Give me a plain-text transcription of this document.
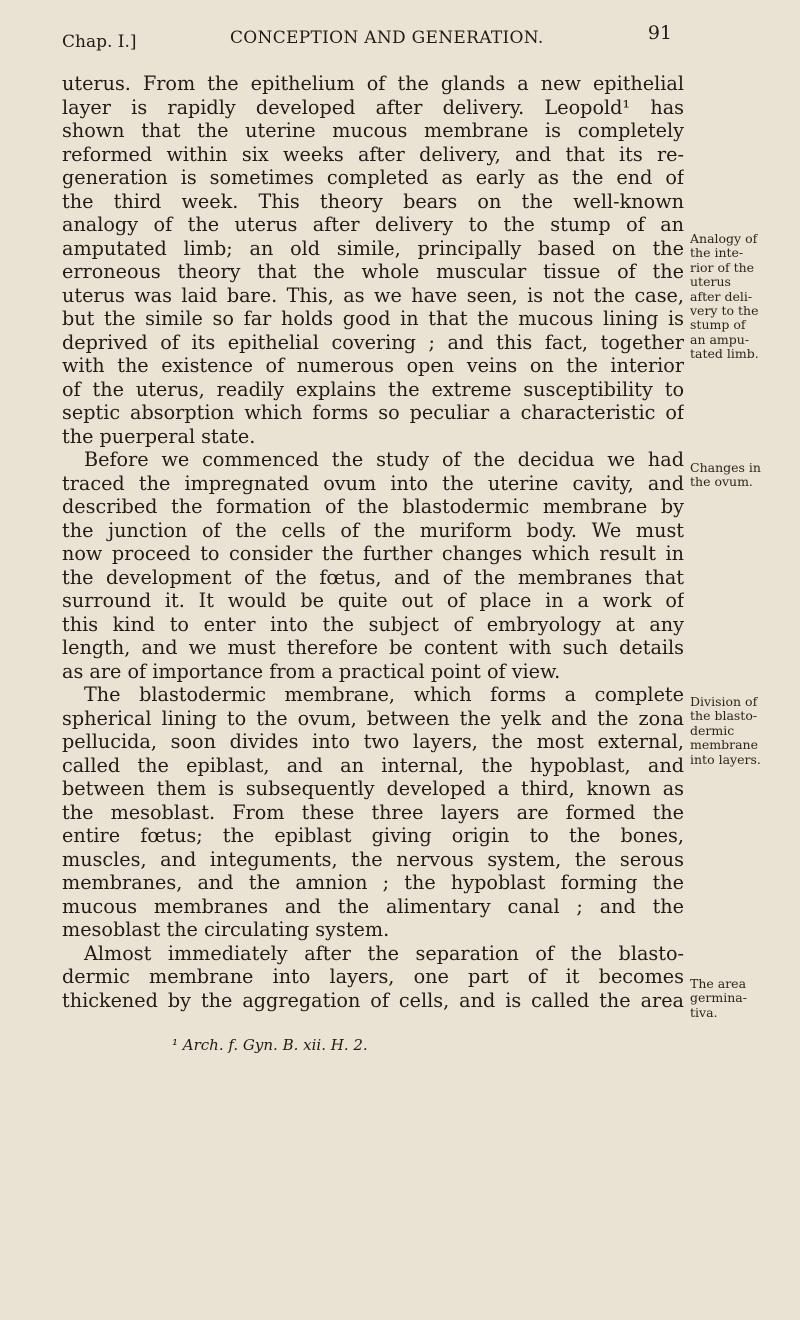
Chap. I.]	CONCEPTION AND GENERATION.	91
uterus. From the epithelium of the glands a new epithelial
layer is rapidly developed after delivery. Leopold¹ has
shown that the uterine mucous membrane is completely
reformed within six weeks after delivery, and that its re-
generation is sometimes completed as early as the end of
the third week. This theory bears on the well-known
analogy of the uterus after delivery to the stump of an
amputated limb; an old simile, principally based on the
erroneous theory that the whole muscular tissue of the
uterus was laid bare. This, as we have seen, is not the case,
but the simile so far holds good in that the mucous lining is
deprived of its epithelial covering ; and this fact, together
with the existence of numerous open veins on the interior
of the uterus, readily explains the extreme susceptibility to
septic absorption which forms so peculiar a characteristic of
the puerperal state.
Before we commenced the study of the decidua we had
traced the impregnated ovum into the uterine cavity, and
described the formation of the blastodermic membrane by
the junction of the cells of the muriform body. We must
now proceed to consider the further changes which result in
the development of the fœtus, and of the membranes that
surround it. It would be quite out of place in a work of
this kind to enter into the subject of embryology at any
length, and we must therefore be content with such details
as are of importance from a practical point of view.
The blastodermic membrane, which forms a complete
spherical lining to the ovum, between the yelk and the zona
pellucida, soon divides into two layers, the most external,
called the epiblast, and an internal, the hypoblast, and
between them is subsequently developed a third, known as
the mesoblast. From these three layers are formed the
entire fœtus; the epiblast giving origin to the bones,
muscles, and integuments, the nervous system, the serous
membranes, and the amnion ; the hypoblast forming the
mucous membranes and the alimentary canal ; and the
mesoblast the circulating system.
Almost immediately after the separation of the blasto-
dermic membrane into layers, one part of it becomes
thickened by the aggregation of cells, and is called the area
Analogy of
the inte-
rior of the
uterus
after deli-
very to the
stump of
an ampu-
tated limb.
Changes in
the ovum.
Division of
the blasto-
dermic
membrane
into layers.
The area
germina-
tiva.
¹ Arch. f. Gyn. B. xii. H. 2.
